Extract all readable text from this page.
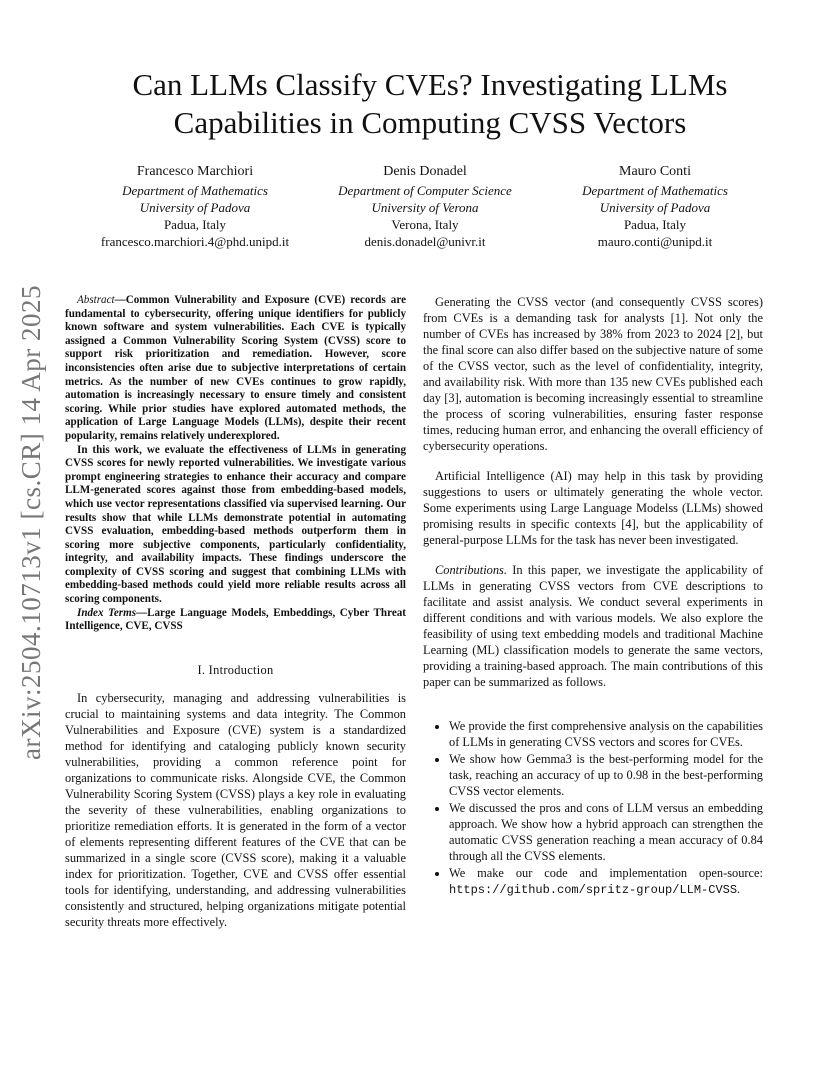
arXiv:2504.10713v1 [cs.CR] 14 Apr 2025
Can LLMs Classify CVEs? Investigating LLMs
Capabilities in Computing CVSS Vectors
Francesco Marchiori
Department of Mathematics
University of Padova
Padua, Italy
francesco.marchiori.4@phd.unipd.it
Denis Donadel
Department of Computer Science
University of Verona
Verona, Italy
denis.donadel@univr.it
Mauro Conti
Department of Mathematics
University of Padova
Padua, Italy
mauro.conti@unipd.it

Abstract—Common Vulnerability and Exposure (CVE) records are fundamental to cybersecurity, offering unique identifiers for publicly known software and system vulnerabilities. Each CVE is typically assigned a Common Vulnerability Scoring System (CVSS) score to support risk prioritization and remediation. However, score inconsistencies often arise due to subjective interpretations of certain metrics. As the number of new CVEs continues to grow rapidly, automation is increasingly necessary to ensure timely and consistent scoring. While prior studies have explored automated methods, the application of Large Language Models (LLMs), despite their recent popularity, remains relatively underexplored.

In this work, we evaluate the effectiveness of LLMs in generating CVSS scores for newly reported vulnerabilities. We investigate various prompt engineering strategies to enhance their accuracy and compare LLM-generated scores against those from embedding-based models, which use vector representations classified via supervised learning. Our results show that while LLMs demonstrate potential in automating CVSS evaluation, embedding-based methods outperform them in scoring more subjective components, particularly confidentiality, integrity, and availability impacts. These findings underscore the complexity of CVSS scoring and suggest that combining LLMs with embedding-based methods could yield more reliable results across all scoring components.

Index Terms—Large Language Models, Embeddings, Cyber Threat Intelligence, CVE, CVSS

I. Introduction

In cybersecurity, managing and addressing vulnerabilities is crucial to maintaining systems and data integrity. The Common Vulnerabilities and Exposure (CVE) system is a standardized method for identifying and cataloging publicly known security vulnerabilities, providing a common reference point for organizations to communicate risks. Alongside CVE, the Common Vulnerability Scoring System (CVSS) plays a key role in evaluating the severity of these vulnerabilities, enabling organizations to prioritize remediation efforts. It is generated in the form of a vector of elements representing different features of the CVE that can be summarized in a single score (CVSS score), making it a valuable index for prioritization. Together, CVE and CVSS offer essential tools for identifying, understanding, and addressing vulnerabilities consistently and structured, helping organizations mitigate potential security threats more effectively.

Generating the CVSS vector (and consequently CVSS scores) from CVEs is a demanding task for analysts [1]. Not only the number of CVEs has increased by 38% from 2023 to 2024 [2], but the final score can also differ based on the subjective nature of some of the CVSS vector, such as the level of confidentiality, integrity, and availability risk. With more than 135 new CVEs published each day [3], automation is becoming increasingly essential to streamline the process of scoring vulnerabilities, ensuring faster response times, reducing human error, and enhancing the overall efficiency of cybersecurity operations.

Artificial Intelligence (AI) may help in this task by providing suggestions to users or ultimately generating the whole vector. Some experiments using Large Language Modelss (LLMs) showed promising results in specific contexts [4], but the applicability of general-purpose LLMs for the task has never been investigated.

Contributions. In this paper, we investigate the applicability of LLMs in generating CVSS vectors from CVE descriptions to facilitate and assist analysis. We conduct several experiments in different conditions and with various models. We also explore the feasibility of using text embedding models and traditional Machine Learning (ML) classification models to generate the same vectors, providing a training-based approach. The main contributions of this paper can be summarized as follows.

• We provide the first comprehensive analysis on the capabilities of LLMs in generating CVSS vectors and scores for CVEs.
• We show how Gemma3 is the best-performing model for the task, reaching an accuracy of up to 0.98 in the best-performing CVSS vector elements.
• We discussed the pros and cons of LLM versus an embedding approach. We show how a hybrid approach can strengthen the automatic CVSS generation reaching a mean accuracy of 0.84 through all the CVSS elements.
• We make our code and implementation open-source: https://github.com/spritz-group/LLM-CVSS.
